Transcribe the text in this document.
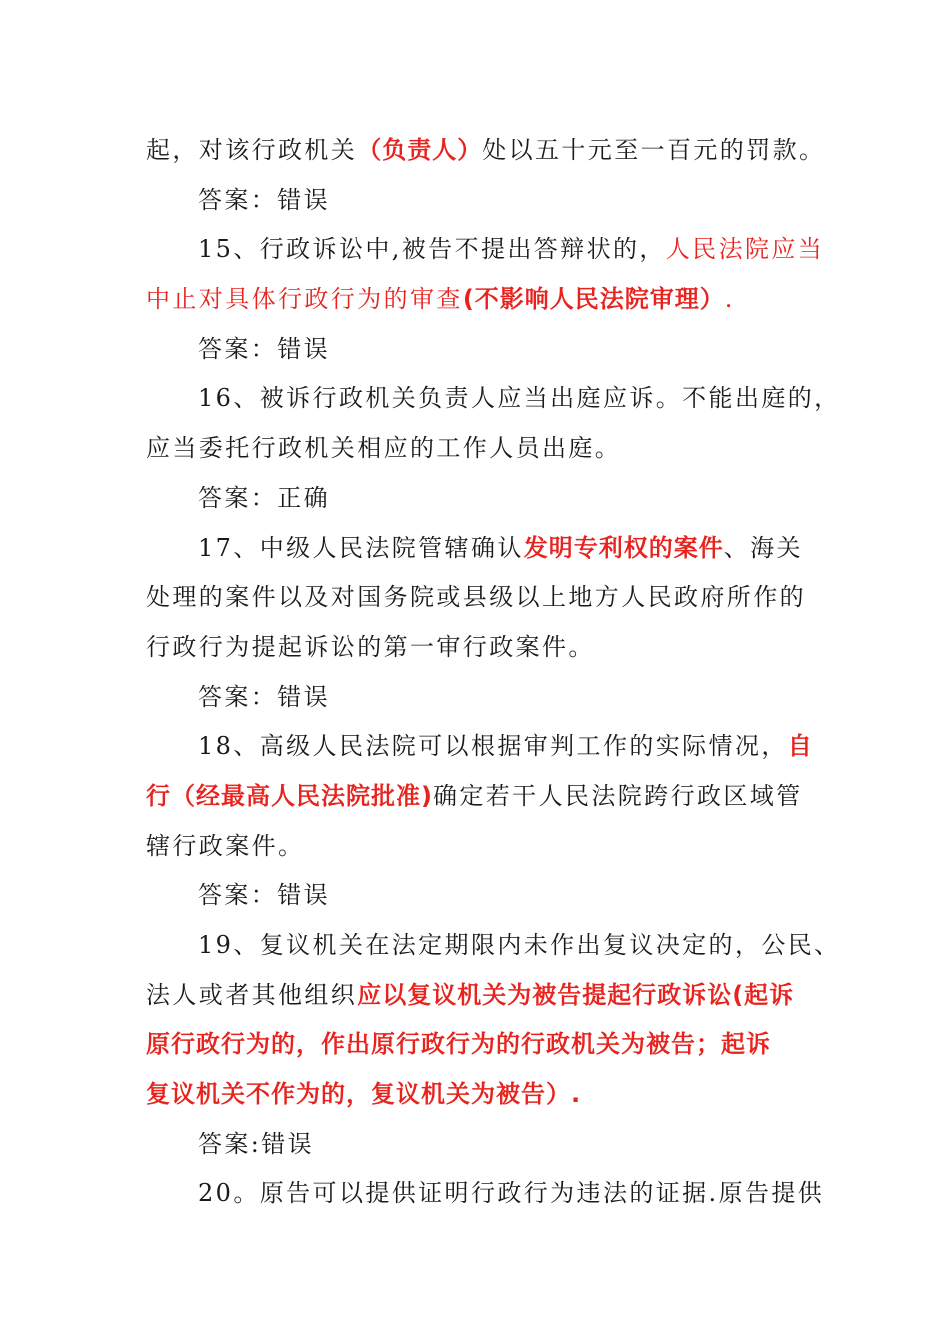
起，对该行政机关（负责人）处以五十元至一百元的罚款。
答案：错误
15、行政诉讼中,被告不提出答辩状的，人民法院应当
中止对具体行政行为的审查(不影响人民法院审理）.
答案：错误
16、被诉行政机关负责人应当出庭应诉。不能出庭的，
应当委托行政机关相应的工作人员出庭。
答案：正确
17、中级人民法院管辖确认发明专利权的案件、海关
处理的案件以及对国务院或县级以上地方人民政府所作的
行政行为提起诉讼的第一审行政案件。
答案：错误
18、高级人民法院可以根据审判工作的实际情况，自
行（经最高人民法院批准)确定若干人民法院跨行政区域管
辖行政案件。
答案：错误
19、复议机关在法定期限内未作出复议决定的，公民、
法人或者其他组织应以复议机关为被告提起行政诉讼(起诉
原行政行为的，作出原行政行为的行政机关为被告；起诉
复议机关不作为的，复议机关为被告）.
答案:错误
20。原告可以提供证明行政行为违法的证据.原告提供
